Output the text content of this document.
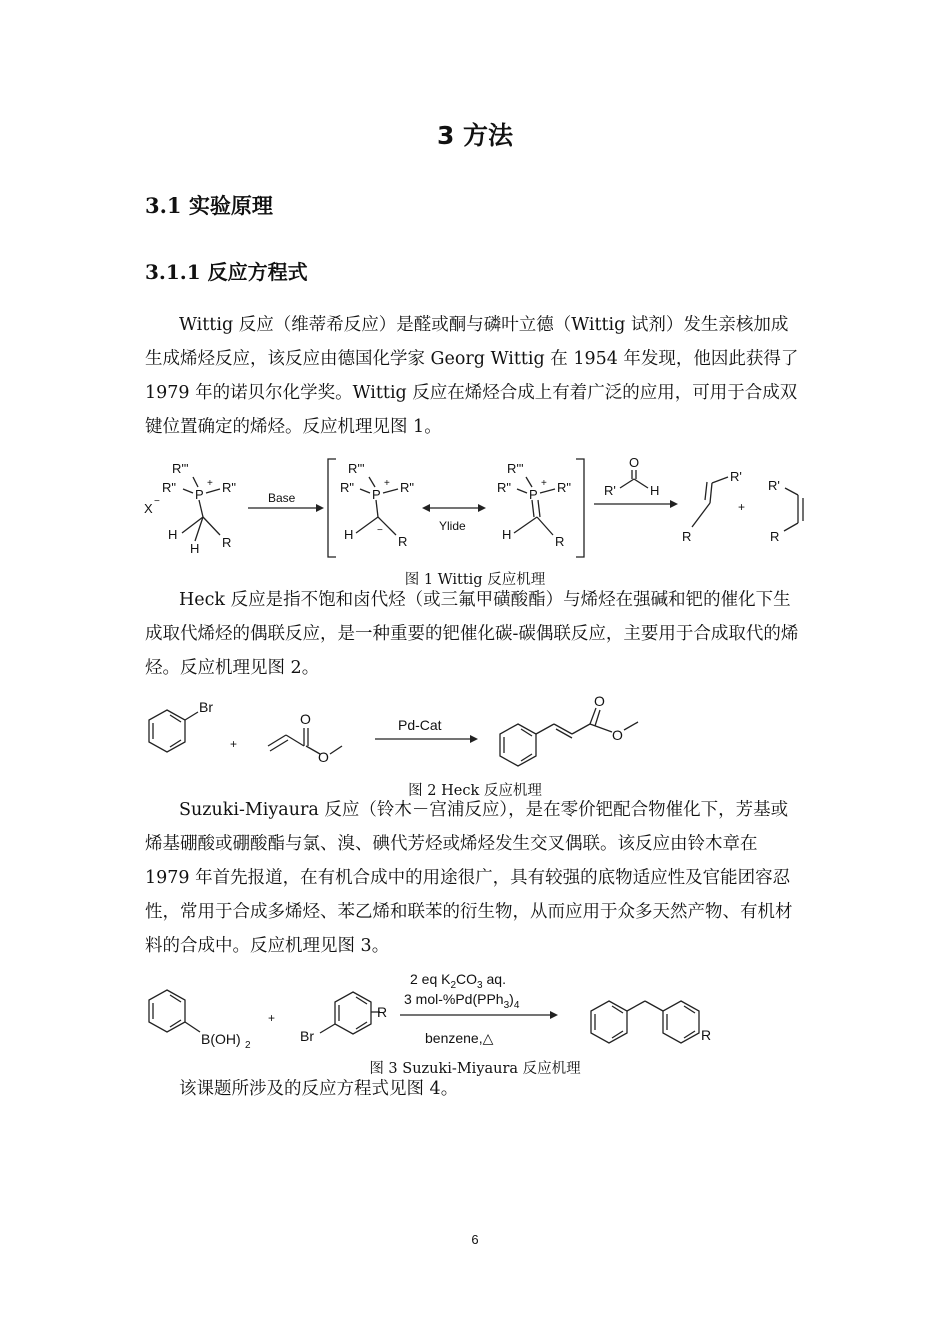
3 方法
3.1 实验原理
3.1.1 反应方程式

Wittig 反应（维蒂希反应）是醛或酮与磷叶立德（Wittig 试剂）发生亲核加成生成烯烃反应，该反应由德国化学家 Georg Wittig 在 1954 年发现，他因此获得了 1979 年的诺贝尔化学奖。Wittig 反应在烯烃合成上有着广泛的应用，可用于合成双键位置确定的烯烃。反应机理见图 1。

R'"
R" P
+ R"
X −
H
H R
Base
R'"
R" P
+ R"
−
H	R
Ylide
R'"
R" P
+ R"
H	R
O
R'	H
R'
R
+
R'
R
图 1 Wittig 反应机理

Heck 反应是指不饱和卤代烃（或三氟甲磺酸酯）与烯烃在强碱和钯的催化下生成取代烯烃的偶联反应，是一种重要的钯催化碳-碳偶联反应，主要用于合成取代的烯烃。反应机理见图 2。

Br
+
O
O
Pd-Cat
O
O
图 2 Heck 反应机理

Suzuki-Miyaura 反应（铃木－宫浦反应），是在零价钯配合物催化下，芳基或烯基硼酸或硼酸酯与氯、溴、碘代芳烃或烯烃发生交叉偶联。该反应由铃木章在 1979 年首先报道，在有机合成中的用途很广，具有较强的底物适应性及官能团容忍性，常用于合成多烯烃、苯乙烯和联苯的衍生物，从而应用于众多天然产物、有机材料的合成中。反应机理见图 3。

B(OH) 2
+
Br
R
2 eq $K_2CO_3$ aq.
3 mol-$\%Pd(PPh_3)_4$
benzene,△	R
图 3 Suzuki-Miyaura 反应机理

该课题所涉及的反应方程式见图 4。

6
